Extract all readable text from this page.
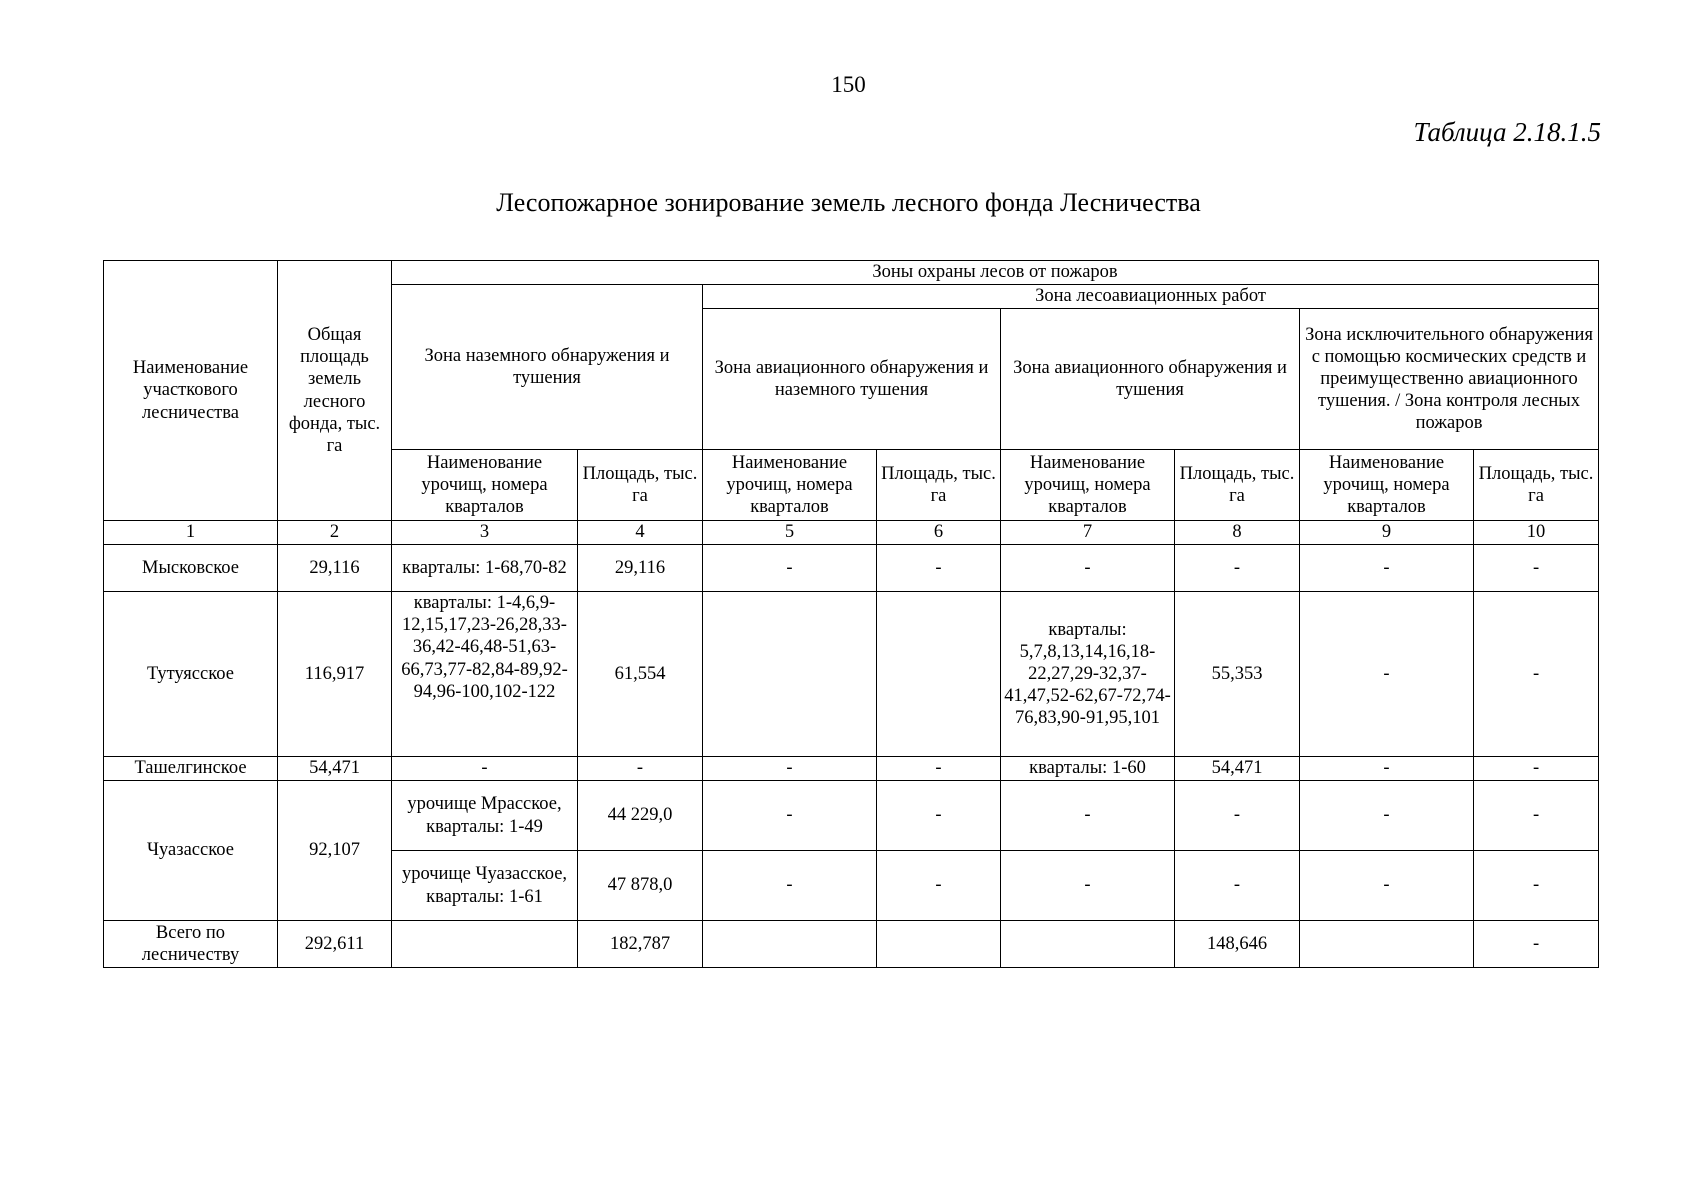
150
Таблица 2.18.1.5
Лесопожарное зонирование земель лесного фонда Лесничества
Наименование участкового лесничества	Общая площадь земель лесного фонда, тыс. га	Зоны охраны лесов от пожаров							
		Зона наземного обнаружения и тушения		Зона лесоавиационных работ					
				Зона авиационного обнаружения и наземного тушения		Зона авиационного обнаружения и тушения		Зона исключительного обнаружения с помощью космических средств и преимущественно авиационного тушения. / Зона контроля лесных пожаров	
		Наименование урочищ, номера кварталов	Площадь, тыс. га	Наименование урочищ, номера кварталов	Площадь, тыс. га	Наименование урочищ, номера кварталов	Площадь, тыс. га	Наименование урочищ, номера кварталов	Площадь, тыс. га
1	2	3	4	5	6	7	8	9	10
Мысковское	29,116	кварталы: 1-68,70-82	29,116	-	-	-	-	-	-
Тутуясское	116,917	кварталы: 1-4,6,9-12,15,17,23-26,28,33-36,42-46,48-51,63-66,73,77-82,84-89,92-94,96-100,102-122	61,554			кварталы: 5,7,8,13,14,16,18-22,27,29-32,37-41,47,52-62,67-72,74-76,83,90-91,95,101	55,353	-	-
Ташелгинское	54,471	-	-	-	-	кварталы: 1-60	54,471	-	-
Чуазасское	92,107	урочище Мрасское, кварталы: 1-49	44 229,0	-	-	-	-	-	-
		урочище Чуазасское, кварталы: 1-61	47 878,0	-	-	-	-	-	-
Всего по лесничеству	292,611		182,787				148,646		-
